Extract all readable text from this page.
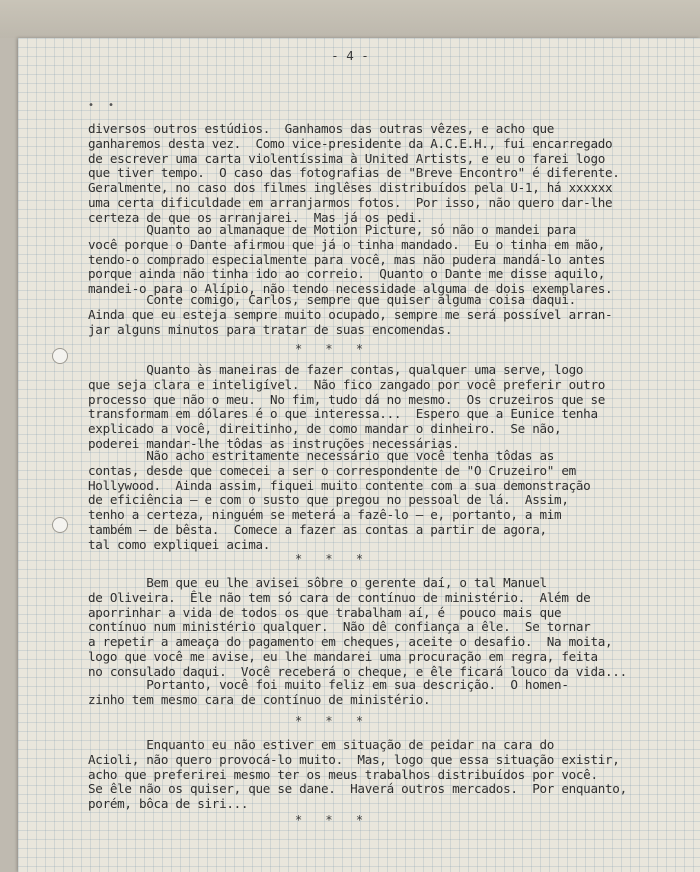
- 4 -
• •
diversos outros estúdios.  Ganhamos das outras vêzes, e acho que
ganharemos desta vez.  Como vice-presidente da A.C.E.H., fui encarregado
de escrever uma carta violentíssima à United Artists, e eu o farei logo
que tiver tempo.  O caso das fotografias de "Breve Encontro" é diferente.
Geralmente, no caso dos filmes inglêses distribuídos pela U-1, há xxxxxx
uma certa dificuldade em arranjarmos fotos.  Por isso, não quero dar-lhe
certeza de que os arranjarei.  Mas já os pedi.
Quanto ao almanaque de Motion Picture, só não o mandei para
você porque o Dante afirmou que já o tinha mandado.  Eu o tinha em mão,
tendo-o comprado especialmente para você, mas não pudera mandá-lo antes
porque ainda não tinha ido ao correio.  Quanto o Dante me disse aquilo,
mandei-o para o Alípio, não tendo necessidade alguma de dois exemplares.
Conte comigo, Carlos, sempre que quiser alguma coisa daqui.
Ainda que eu esteja sempre muito ocupado, sempre me será possível arran-
jar alguns minutos para tratar de suas encomendas.
* * *
Quanto às maneiras de fazer contas, qualquer uma serve, logo
que seja clara e inteligível.  Não fico zangado por você preferir outro
processo que não o meu.  No fim, tudo dá no mesmo.  Os cruzeiros que se
transformam em dólares é o que interessa...  Espero que a Eunice tenha
explicado a você, direitinho, de como mandar o dinheiro.  Se não,
poderei mandar-lhe tôdas as instruções necessárias.
Não acho estritamente necessário que você tenha tôdas as
contas, desde que comecei a ser o correspondente de "O Cruzeiro" em
Hollywood.  Ainda assim, fiquei muito contente com a sua demonstração
de eficiência — e com o susto que pregou no pessoal de lá.  Assim,
tenho a certeza, ninguém se meterá a fazê-lo — e, portanto, a mim
também — de bêsta.  Comece a fazer as contas a partir de agora,
tal como expliquei acima.
* * *
Bem que eu lhe avisei sôbre o gerente daí, o tal Manuel
de Oliveira.  Êle não tem só cara de contínuo de ministério.  Além de
aporrinhar a vida de todos os que trabalham aí, é  pouco mais que
contínuo num ministério qualquer.  Não dê confiança a êle.  Se tornar
a repetir a ameaça do pagamento em cheques, aceite o desafio.  Na moita,
logo que você me avise, eu lhe mandarei uma procuração em regra, feita
no consulado daqui.  Você receberá o cheque, e êle ficará louco da vida...
Portanto, você foi muito feliz em sua descrição.  O homen-
zinho tem mesmo cara de contínuo de ministério.
* * *
Enquanto eu não estiver em situação de peidar na cara do
Acioli, não quero provocá-lo muito.  Mas, logo que essa situação existir,
acho que preferirei mesmo ter os meus trabalhos distribuídos por você.
Se êle não os quiser, que se dane.  Haverá outros mercados.  Por enquanto,
porém, bôca de siri...
* * *
